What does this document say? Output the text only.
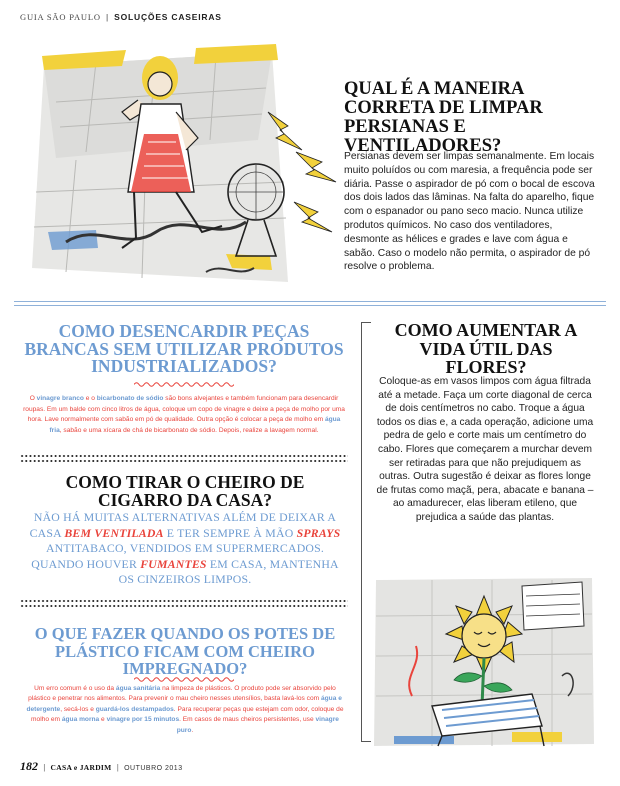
GUIA SÃO PAULO | SOLUÇÕES CASEIRAS
QUAL É A MANEIRA CORRETA DE LIMPAR PERSIANAS E VENTILADORES?
Persianas devem ser limpas semanalmente. Em locais muito poluídos ou com maresia, a frequência pode ser diária. Passe o aspirador de pó com o bocal de escova dos dois lados das lâminas. Na falta do aparelho, fique com o espanador ou pano seco macio. Nunca utilize produtos químicos. No caso dos ventiladores, desmonte as hélices e grades e lave com água e sabão. Caso o modelo não permita, o aspirador de pó resolve o problema.
COMO DESENCARDIR PEÇAS BRANCAS SEM UTILIZAR PRODUTOS INDUSTRIALIZADOS?
O vinagre branco e o bicarbonato de sódio são bons alvejantes e também funcionam para desencardir roupas. Em um balde com cinco litros de água, coloque um copo de vinagre e deixe a peça de molho por uma hora. Lave normalmente com sabão em pó de qualidade. Outra opção é colocar a peça de molho em água fria, sabão e uma xícara de chá de bicarbonato de sódio. Depois, realize a lavagem normal.
COMO TIRAR O CHEIRO DE CIGARRO DA CASA?
NÃO HÁ MUITAS ALTERNATIVAS ALÉM DE DEIXAR A CASA BEM VENTILADA E TER SEMPRE À MÃO SPRAYS ANTITABACO, VENDIDOS EM SUPERMERCADOS. QUANDO HOUVER FUMANTES EM CASA, MANTENHA OS CINZEIROS LIMPOS.
O QUE FAZER QUANDO OS POTES DE PLÁSTICO FICAM COM CHEIRO IMPREGNADO?
Um erro comum é o uso da água sanitária na limpeza de plásticos. O produto pode ser absorvido pelo plástico e penetrar nos alimentos. Para prevenir o mau cheiro nesses utensílios, basta lavá-los com água e detergente, secá-los e guardá-los destampados. Para recuperar peças que estejam com odor, coloque de molho em água morna e vinagre por 15 minutos. Em casos de maus cheiros persistentes, use vinagre puro.
COMO AUMENTAR A VIDA ÚTIL DAS FLORES?
Coloque-as em vasos limpos com água filtrada até a metade. Faça um corte diagonal de cerca de dois centímetros no cabo. Troque a água todos os dias e, a cada operação, adicione uma pedra de gelo e corte mais um centímetro do cabo. Flores que começarem a murchar devem ser retiradas para que não prejudiquem as outras. Outra sugestão é deixar as flores longe de frutas como maçã, pera, abacate e banana – ao amadurecer, elas liberam etileno, que prejudica a saúde das plantas.
182 | CASA e JARDIM | OUTUBRO 2013
